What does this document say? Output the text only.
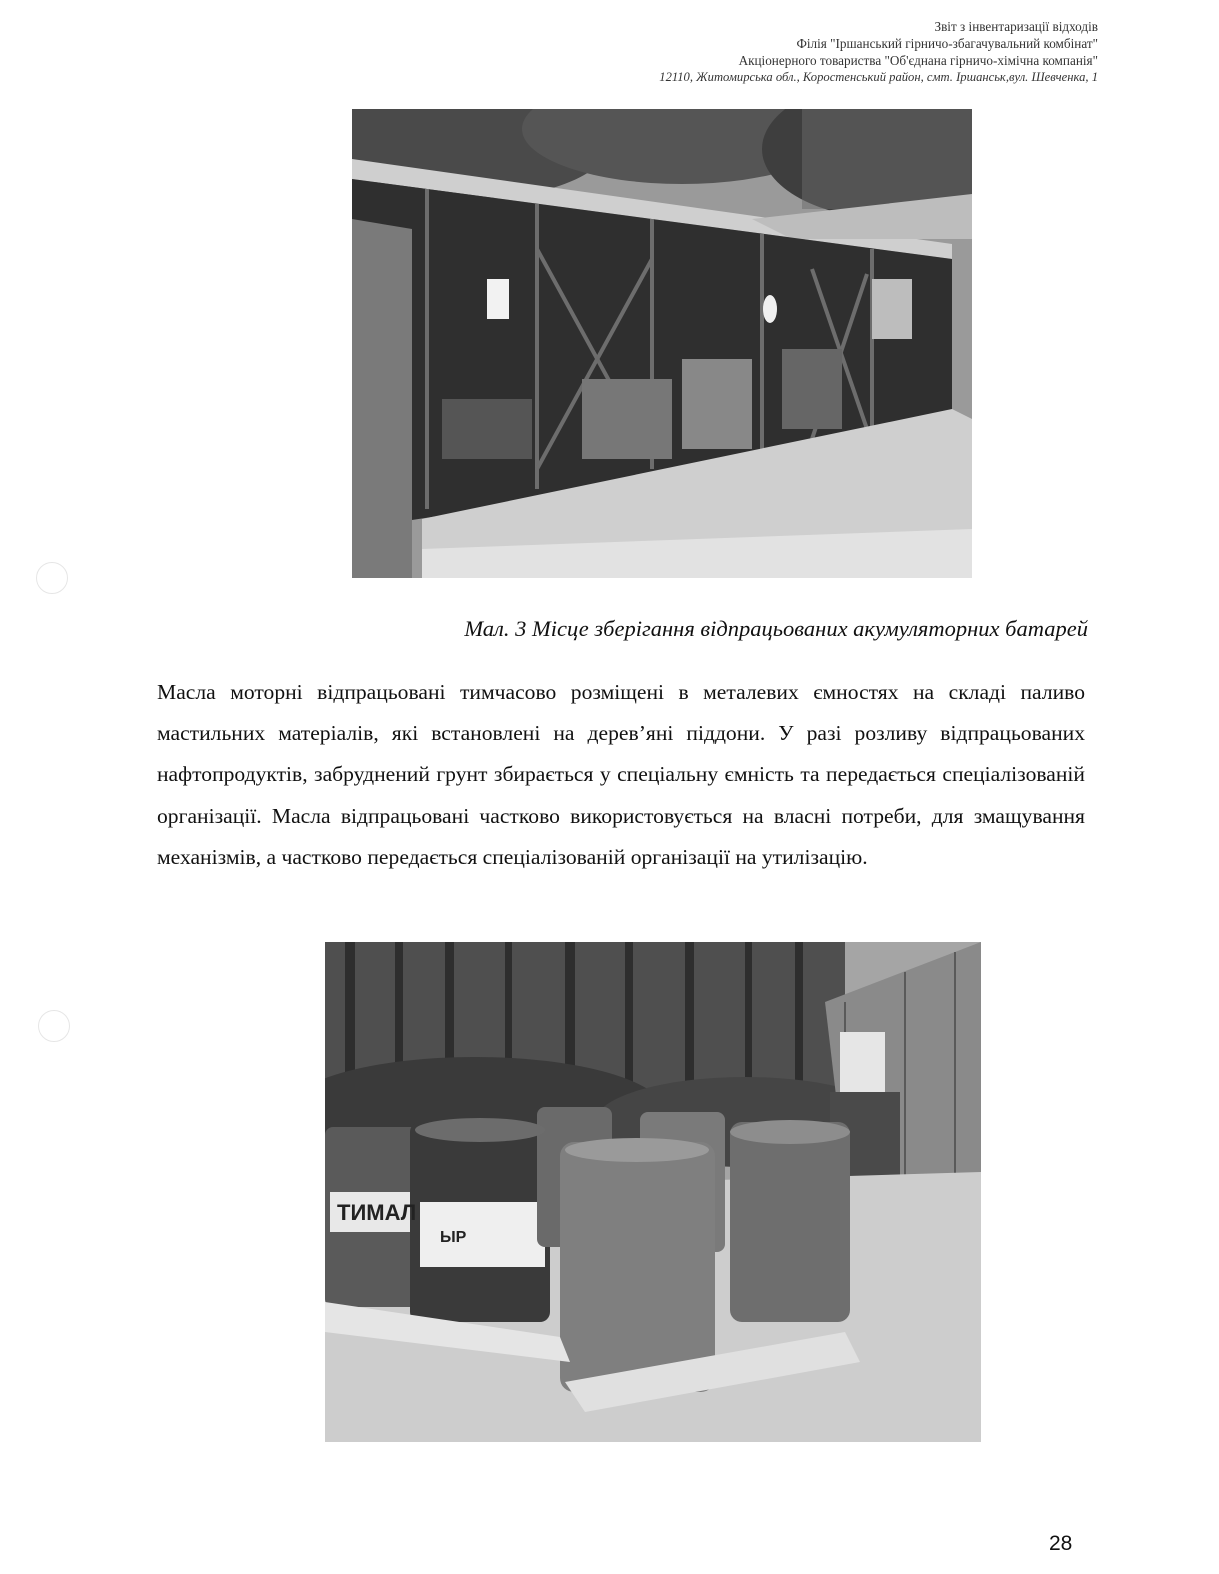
Звіт з інвентаризації відходів
Філія "Іршанський гірничо-збагачувальний комбінат"
Акціонерного товариства "Об'єднана гірничо-хімічна компанія"
12110, Житомирська обл., Коростенський район, смт. Іршанськ,вул. Шевченка, 1
Мал. 3 Місце зберігання відпрацьованих акумуляторних батарей
Масла моторні відпрацьовані тимчасово розміщені в металевих ємностях на складі паливо мастильних матеріалів, які встановлені на дерев’яні піддони. У разі розливу відпрацьованих нафтопродуктів, забруднений грунт збирається у спеціальну ємність та передається спеціалізованій організації. Масла відпрацьовані частково використовується на власні потреби, для змащування механізмів, а частково передається спеціалізованій організації на утилізацію.
ТИМАЛ
ЫР
28
